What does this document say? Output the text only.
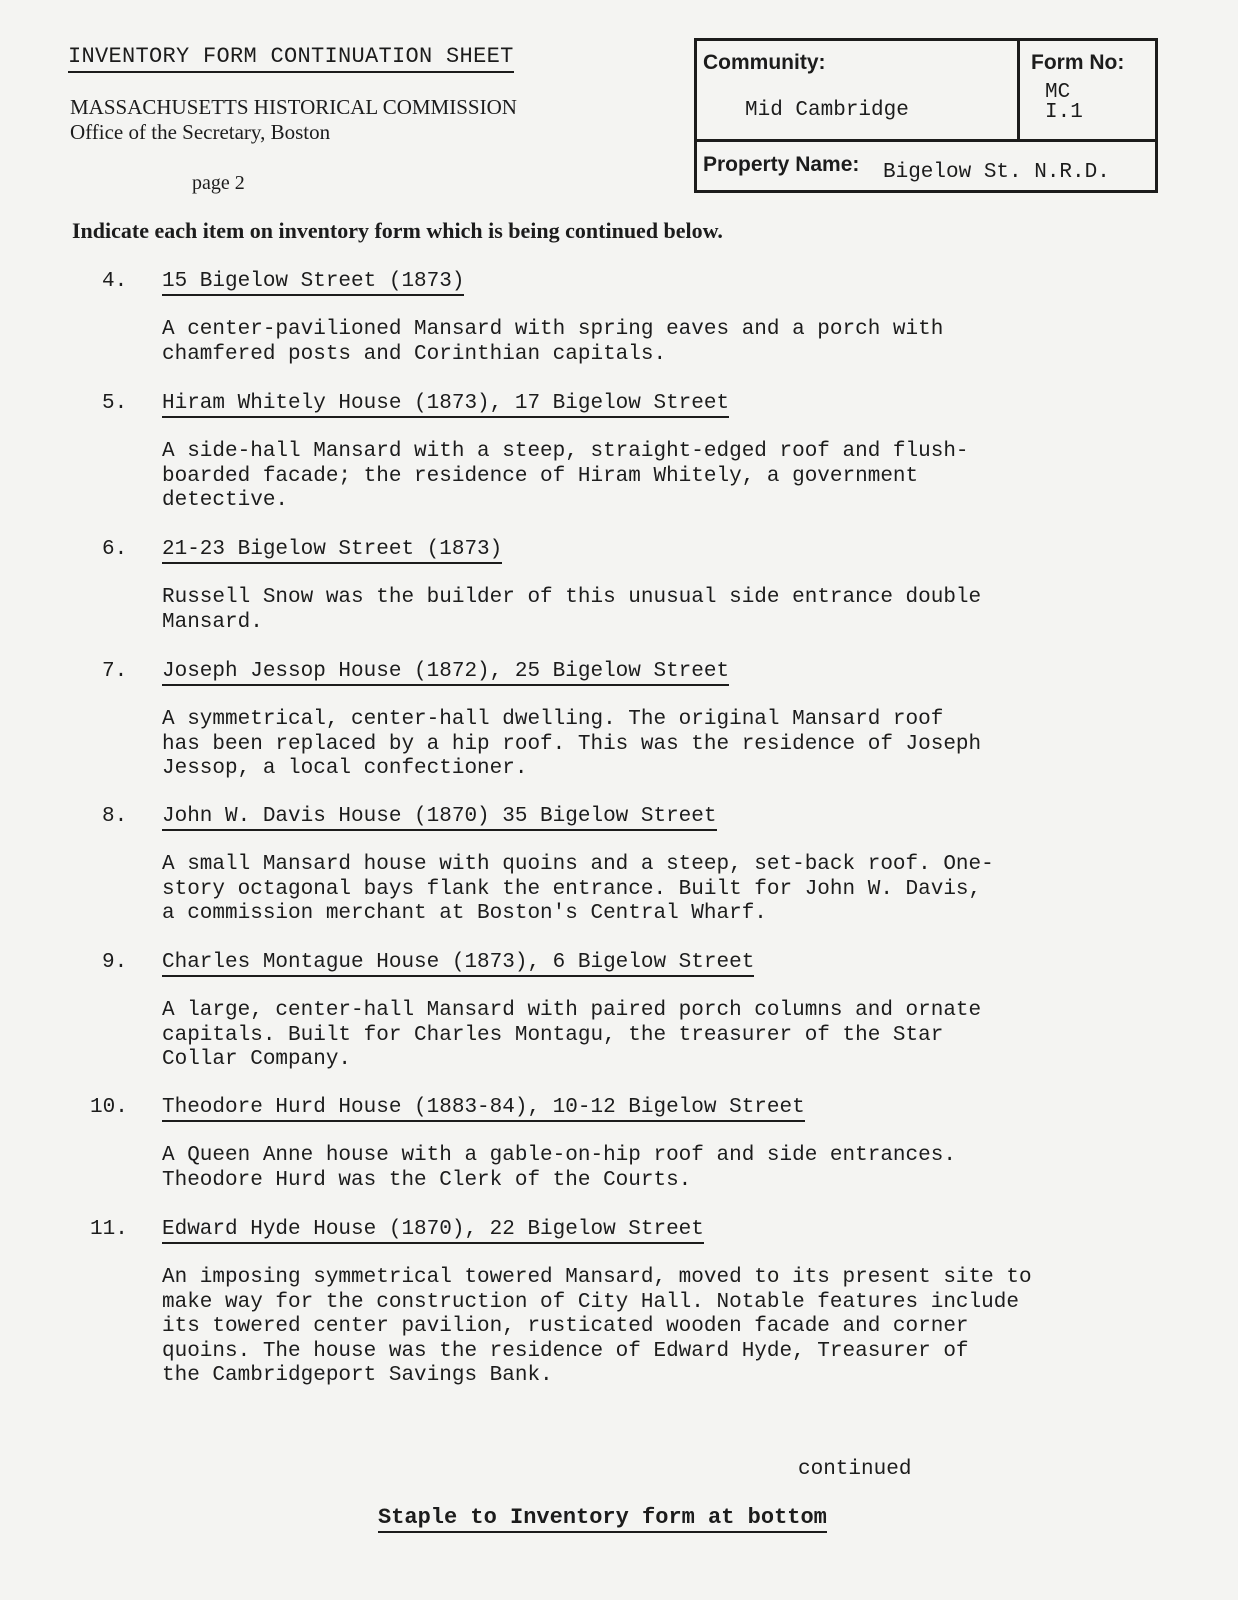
INVENTORY FORM CONTINUATION SHEET
MASSACHUSETTS HISTORICAL COMMISSION
Office of the Secretary, Boston
page 2
Community:
Mid Cambridge
Form No:
MC
I.1
Property Name: Bigelow St. N.R.D.
Indicate each item on inventory form which is being continued below.
4. 15 Bigelow Street (1873)
A center-pavilioned Mansard with spring eaves and a porch with
chamfered posts and Corinthian capitals.
5. Hiram Whitely House (1873), 17 Bigelow Street
A side-hall Mansard with a steep, straight-edged roof and flush-
boarded facade; the residence of Hiram Whitely, a government
detective.
6. 21-23 Bigelow Street (1873)
Russell Snow was the builder of this unusual side entrance double
Mansard.
7. Joseph Jessop House (1872), 25 Bigelow Street
A symmetrical, center-hall dwelling. The original Mansard roof
has been replaced by a hip roof. This was the residence of Joseph
Jessop, a local confectioner.
8. John W. Davis House (1870) 35 Bigelow Street
A small Mansard house with quoins and a steep, set-back roof. One-
story octagonal bays flank the entrance. Built for John W. Davis,
a commission merchant at Boston's Central Wharf.
9. Charles Montague House (1873), 6 Bigelow Street
A large, center-hall Mansard with paired porch columns and ornate
capitals. Built for Charles Montagu, the treasurer of the Star
Collar Company.
10. Theodore Hurd House (1883-84), 10-12 Bigelow Street
A Queen Anne house with a gable-on-hip roof and side entrances.
Theodore Hurd was the Clerk of the Courts.
11. Edward Hyde House (1870), 22 Bigelow Street
An imposing symmetrical towered Mansard, moved to its present site to
make way for the construction of City Hall. Notable features include
its towered center pavilion, rusticated wooden facade and corner
quoins. The house was the residence of Edward Hyde, Treasurer of
the Cambridgeport Savings Bank.
continued
Staple to Inventory form at bottom
